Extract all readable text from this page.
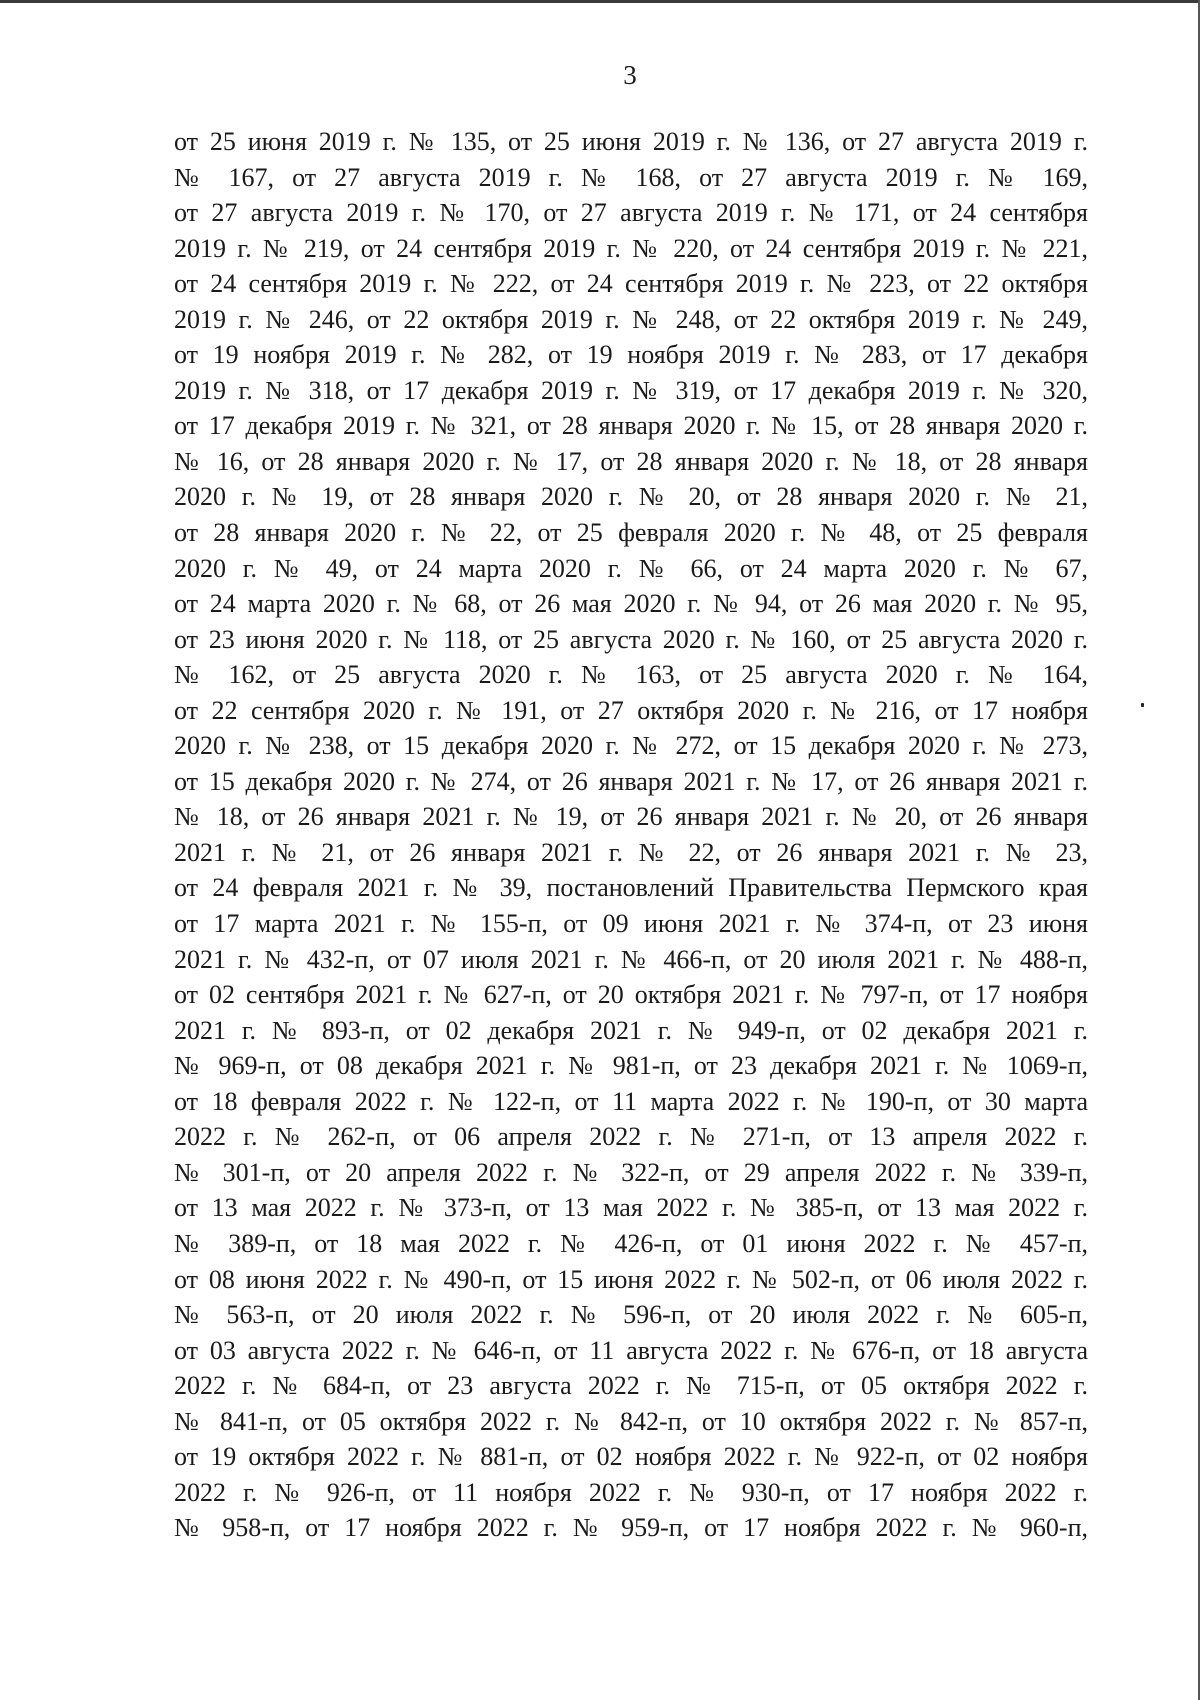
3
от 25 июня 2019 г. № 135, от 25 июня 2019 г. № 136, от 27 августа 2019 г.
№ 167, от 27 августа 2019 г. № 168, от 27 августа 2019 г. № 169,
от 27 августа 2019 г. № 170, от 27 августа 2019 г. № 171, от 24 сентября
2019 г. № 219, от 24 сентября 2019 г. № 220, от 24 сентября 2019 г. № 221,
от 24 сентября 2019 г. № 222, от 24 сентября 2019 г. № 223, от 22 октября
2019 г. № 246, от 22 октября 2019 г. № 248, от 22 октября 2019 г. № 249,
от 19 ноября 2019 г. № 282, от 19 ноября 2019 г. № 283, от 17 декабря
2019 г. № 318, от 17 декабря 2019 г. № 319, от 17 декабря 2019 г. № 320,
от 17 декабря 2019 г. № 321, от 28 января 2020 г. № 15, от 28 января 2020 г.
№ 16, от 28 января 2020 г. № 17, от 28 января 2020 г. № 18, от 28 января
2020 г. № 19, от 28 января 2020 г. № 20, от 28 января 2020 г. № 21,
от 28 января 2020 г. № 22, от 25 февраля 2020 г. № 48, от 25 февраля
2020 г. № 49, от 24 марта 2020 г. № 66, от 24 марта 2020 г. № 67,
от 24 марта 2020 г. № 68, от 26 мая 2020 г. № 94, от 26 мая 2020 г. № 95,
от 23 июня 2020 г. № 118, от 25 августа 2020 г. № 160, от 25 августа 2020 г.
№ 162, от 25 августа 2020 г. № 163, от 25 августа 2020 г. № 164,
от 22 сентября 2020 г. № 191, от 27 октября 2020 г. № 216, от 17 ноября
2020 г. № 238, от 15 декабря 2020 г. № 272, от 15 декабря 2020 г. № 273,
от 15 декабря 2020 г. № 274, от 26 января 2021 г. № 17, от 26 января 2021 г.
№ 18, от 26 января 2021 г. № 19, от 26 января 2021 г. № 20, от 26 января
2021 г. № 21, от 26 января 2021 г. № 22, от 26 января 2021 г. № 23,
от 24 февраля 2021 г. № 39, постановлений Правительства Пермского края
от 17 марта 2021 г. № 155-п, от 09 июня 2021 г. № 374-п, от 23 июня
2021 г. № 432-п, от 07 июля 2021 г. № 466-п, от 20 июля 2021 г. № 488-п,
от 02 сентября 2021 г. № 627-п, от 20 октября 2021 г. № 797-п, от 17 ноября
2021 г. № 893-п, от 02 декабря 2021 г. № 949-п, от 02 декабря 2021 г.
№ 969-п, от 08 декабря 2021 г. № 981-п, от 23 декабря 2021 г. № 1069-п,
от 18 февраля 2022 г. № 122-п, от 11 марта 2022 г. № 190-п, от 30 марта
2022 г. № 262-п, от 06 апреля 2022 г. № 271-п, от 13 апреля 2022 г.
№ 301-п, от 20 апреля 2022 г. № 322-п, от 29 апреля 2022 г. № 339-п,
от 13 мая 2022 г. № 373-п, от 13 мая 2022 г. № 385-п, от 13 мая 2022 г.
№ 389-п, от 18 мая 2022 г. № 426-п, от 01 июня 2022 г. № 457-п,
от 08 июня 2022 г. № 490-п, от 15 июня 2022 г. № 502-п, от 06 июля 2022 г.
№ 563-п, от 20 июля 2022 г. № 596-п, от 20 июля 2022 г. № 605-п,
от 03 августа 2022 г. № 646-п, от 11 августа 2022 г. № 676-п, от 18 августа
2022 г. № 684-п, от 23 августа 2022 г. № 715-п, от 05 октября 2022 г.
№ 841-п, от 05 октября 2022 г. № 842-п, от 10 октября 2022 г. № 857-п,
от 19 октября 2022 г. № 881-п, от 02 ноября 2022 г. № 922-п, от 02 ноября
2022 г. № 926-п, от 11 ноября 2022 г. № 930-п, от 17 ноября 2022 г.
№ 958-п, от 17 ноября 2022 г. № 959-п, от 17 ноября 2022 г. № 960-п,
